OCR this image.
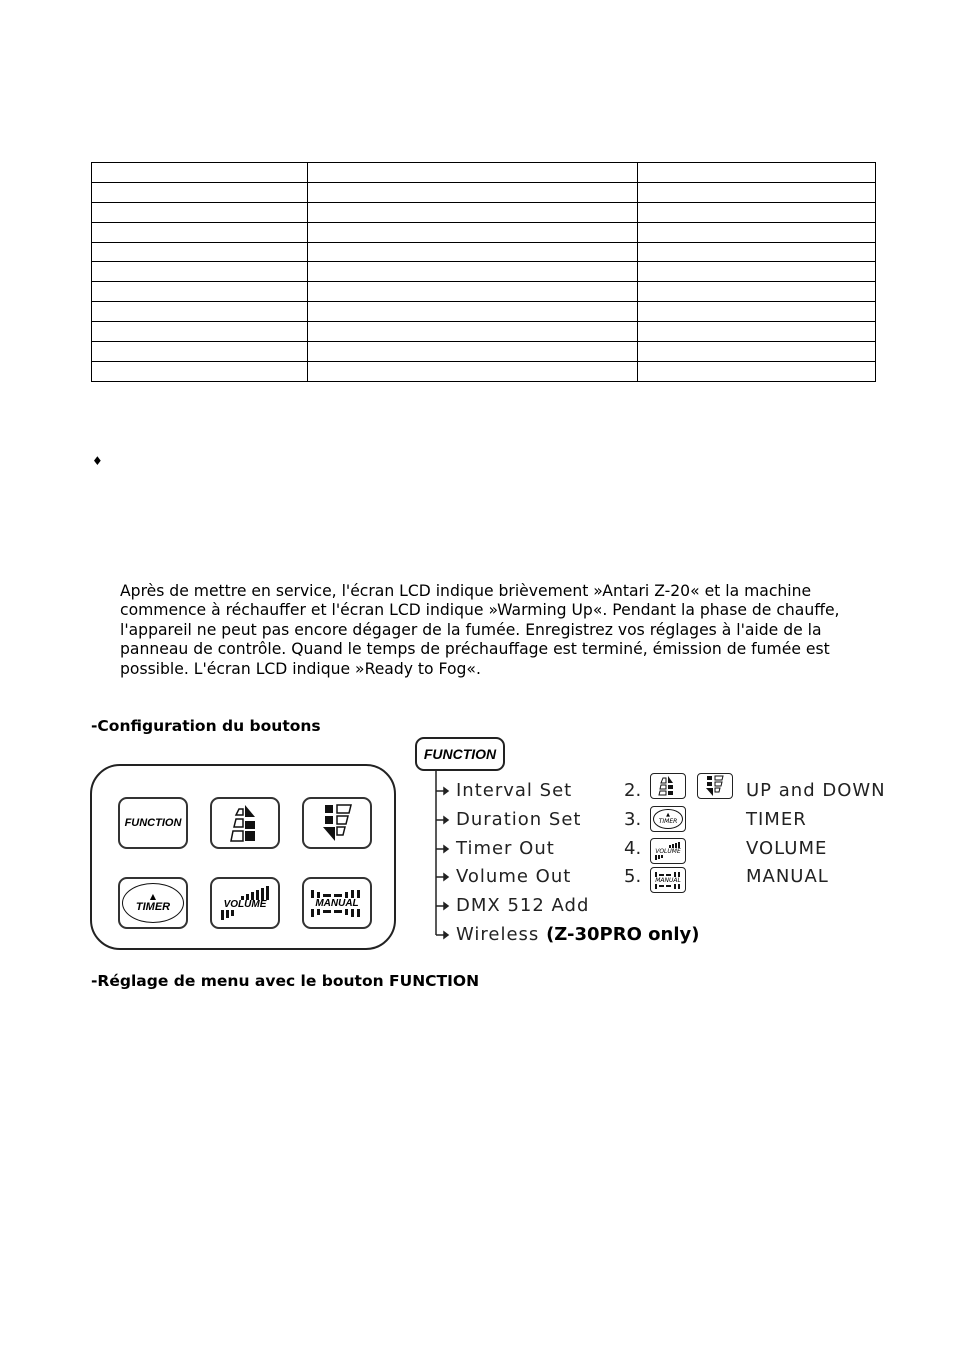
♦

Après de mettre en service, l'écran LCD indique brièvement »Antari Z-20« et la machine commence à réchauffer et l'écran LCD indique »Warming Up«. Pendant la phase de chauffe, l'appareil ne peut pas encore dégager de la fumée. Enregistrez vos réglages à l'aide de la panneau de contrôle. Quand le temps de préchauffage est terminé, émission de fumée est possible. L'écran LCD indique »Ready to Fog«.

-Configuration du boutons

FUNCTION
▲
TIMER	VOLUME	MANUAL
FUNCTION
Interval Set
Duration Set
Timer Out
Volume Out
DMX 512 Add
Wireless (Z-30PRO only)
2.
3.
4.
5.
▲
TIMER
VOLUME
MANUAL
UP and DOWN
TIMER
VOLUME
MANUAL

-Réglage de menu avec le bouton FUNCTION
